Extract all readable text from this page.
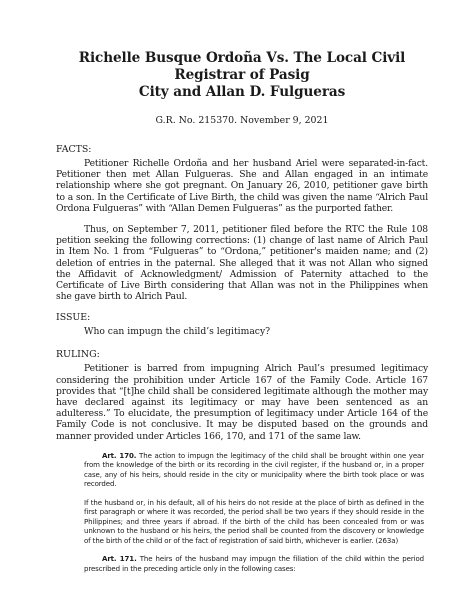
Richelle Busque Ordoña Vs. The Local Civil Registrar of Pasig
City and Allan D. Fulgueras
G.R. No. 215370. November 9, 2021
FACTS:

Petitioner Richelle Ordoña and her husband Ariel were separated-in-fact. Petitioner then met Allan Fulgueras. She and Allan engaged in an intimate relationship where she got pregnant. On January 26, 2010, petitioner gave birth to a son. In the Certificate of Live Birth, the child was given the name “Alrich Paul Ordona Fulgueras” with “Allan Demen Fulgueras” as the purported father.

Thus, on September 7, 2011, petitioner filed before the RTC the Rule 108 petition seeking the following corrections: (1) change of last name of Alrich Paul in Item No. 1 from “Fulgueras” to “Ordona,” petitioner's maiden name; and (2) deletion of entries in the paternal. She alleged that it was not Allan who signed the Affidavit of Acknowledgment/ Admission of Paternity attached to the Certificate of Live Birth considering that Allan was not in the Philippines when she gave birth to Alrich Paul.

ISSUE:
Who can impugn the child’s legitimacy?
RULING:

Petitioner is barred from impugning Alrich Paul’s presumed legitimacy considering the prohibition under Article 167 of the Family Code. Article 167 provides that “[t]he child shall be considered legitimate although the mother may have declared against its legitimacy or may have been sentenced as an adulteress.” To elucidate, the presumption of legitimacy under Article 164 of the Family Code is not conclusive. It may be disputed based on the grounds and manner provided under Articles 166, 170, and 171 of the same law.

Art. 170. The action to impugn the legitimacy of the child shall be brought within one year from the knowledge of the birth or its recording in the civil register, if the husband or, in a proper case, any of his heirs, should reside in the city or municipality where the birth took place or was recorded.

If the husband or, in his default, all of his heirs do not reside at the place of birth as defined in the first paragraph or where it was recorded, the period shall be two years if they should reside in the Philippines; and three years if abroad. If the birth of the child has been concealed from or was unknown to the husband or his heirs, the period shall be counted from the discovery or knowledge of the birth of the child or of the fact of registration of said birth, whichever is earlier. (263a)

Art. 171. The heirs of the husband may impugn the filiation of the child within the period prescribed in the preceding article only in the following cases:
